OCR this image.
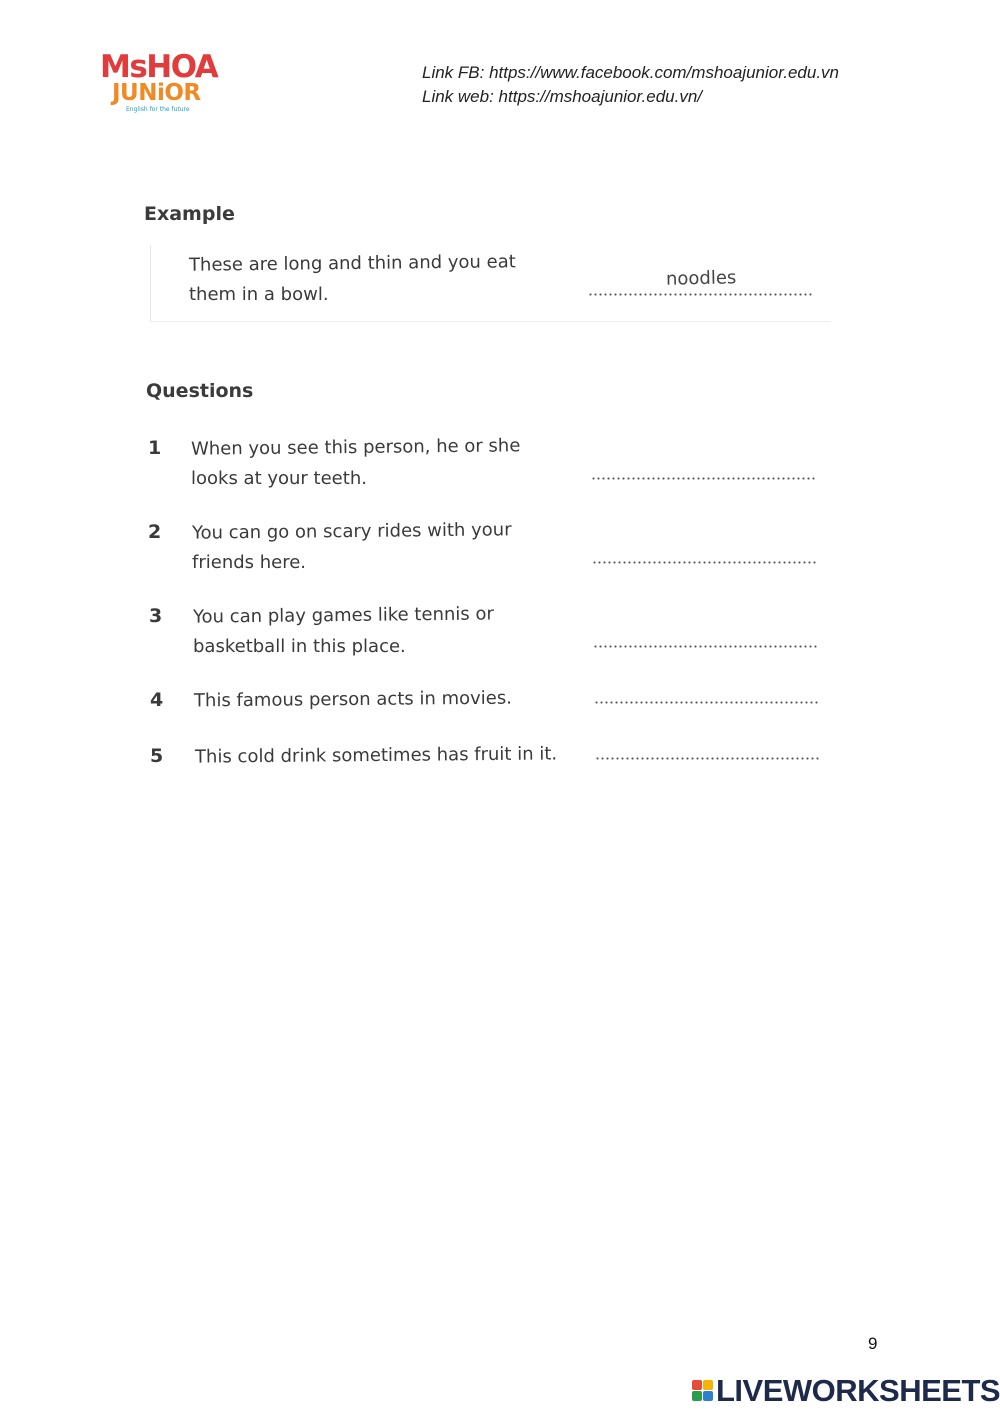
MsHOA
JUNiOR
English for the future
Link FB: https://www.facebook.com/mshoajunior.edu.vn
Link web: https://mshoajunior.edu.vn/
Example
These are long and thin and you eat
them in a bowl.
noodles
Questions
1 When you see this person, he or she
looks at your teeth.
2 You can go on scary rides with your
friends here.
3 You can play games like tennis or
basketball in this place.
4 This famous person acts in movies.
5 This cold drink sometimes has fruit in it.
9
LIVEWORKSHEETS
